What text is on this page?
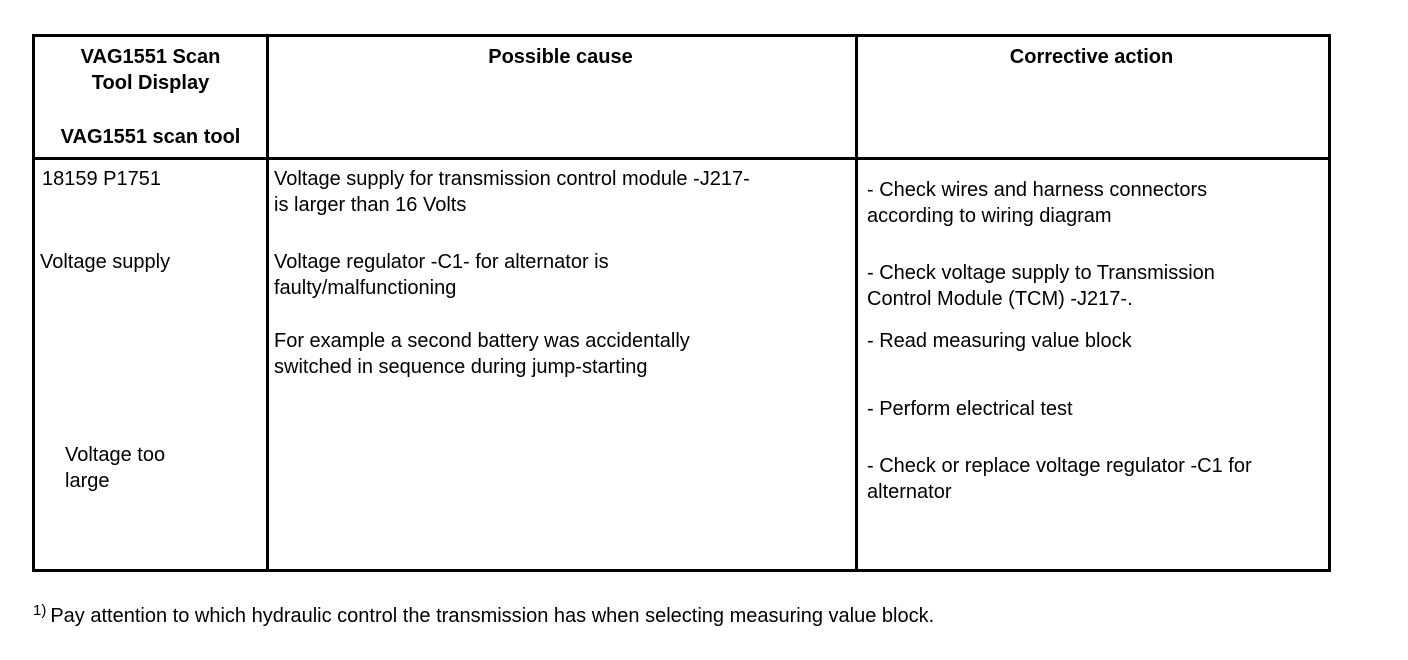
VAG1551 Scan
Tool Display
VAG1551 scan tool
Possible cause	Corrective action
18159 P1751
Voltage supply
Voltage too
large
Voltage supply for transmission control module -J217-
is larger than 16 Volts
Voltage regulator -C1- for alternator is
faulty/malfunctioning
For example a second battery was accidentally
switched in sequence during jump-starting
- Check wires and harness connectors
according to wiring diagram
- Check voltage supply to Transmission
Control Module (TCM) -J217-.
- Read measuring value block
- Perform electrical test
- Check or replace voltage regulator -C1 for
alternator
$^{1)}$ Pay attention to which hydraulic control the transmission has when selecting measuring value block.
